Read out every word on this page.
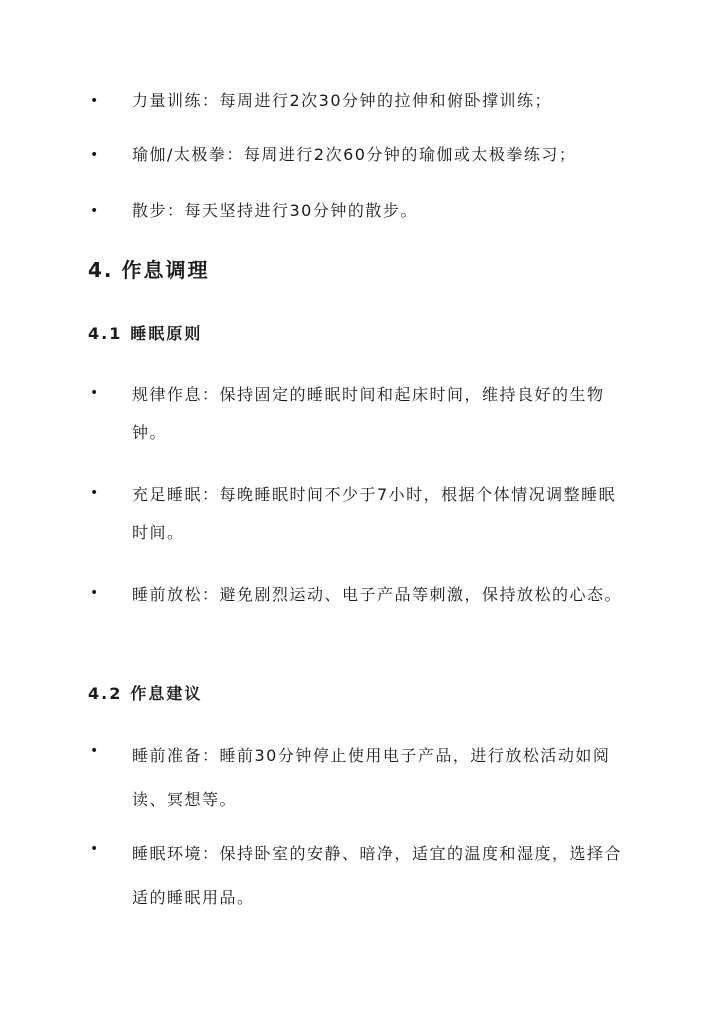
•	力量训练：每周进行2次30分钟的拉伸和俯卧撑训练；
•	瑜伽/太极拳：每周进行2次60分钟的瑜伽或太极拳练习；
•	散步：每天坚持进行30分钟的散步。
4. 作息调理
4.1 睡眠原则
•	规律作息：保持固定的睡眠时间和起床时间，维持良好的生物钟。
•	充足睡眠：每晚睡眠时间不少于7小时，根据个体情况调整睡眠时间。
•	睡前放松：避免剧烈运动、电子产品等刺激，保持放松的心态。
4.2 作息建议
•	睡前准备：睡前30分钟停止使用电子产品，进行放松活动如阅读、冥想等。
•	睡眠环境：保持卧室的安静、暗净，适宜的温度和湿度，选择合适的睡眠用品。
